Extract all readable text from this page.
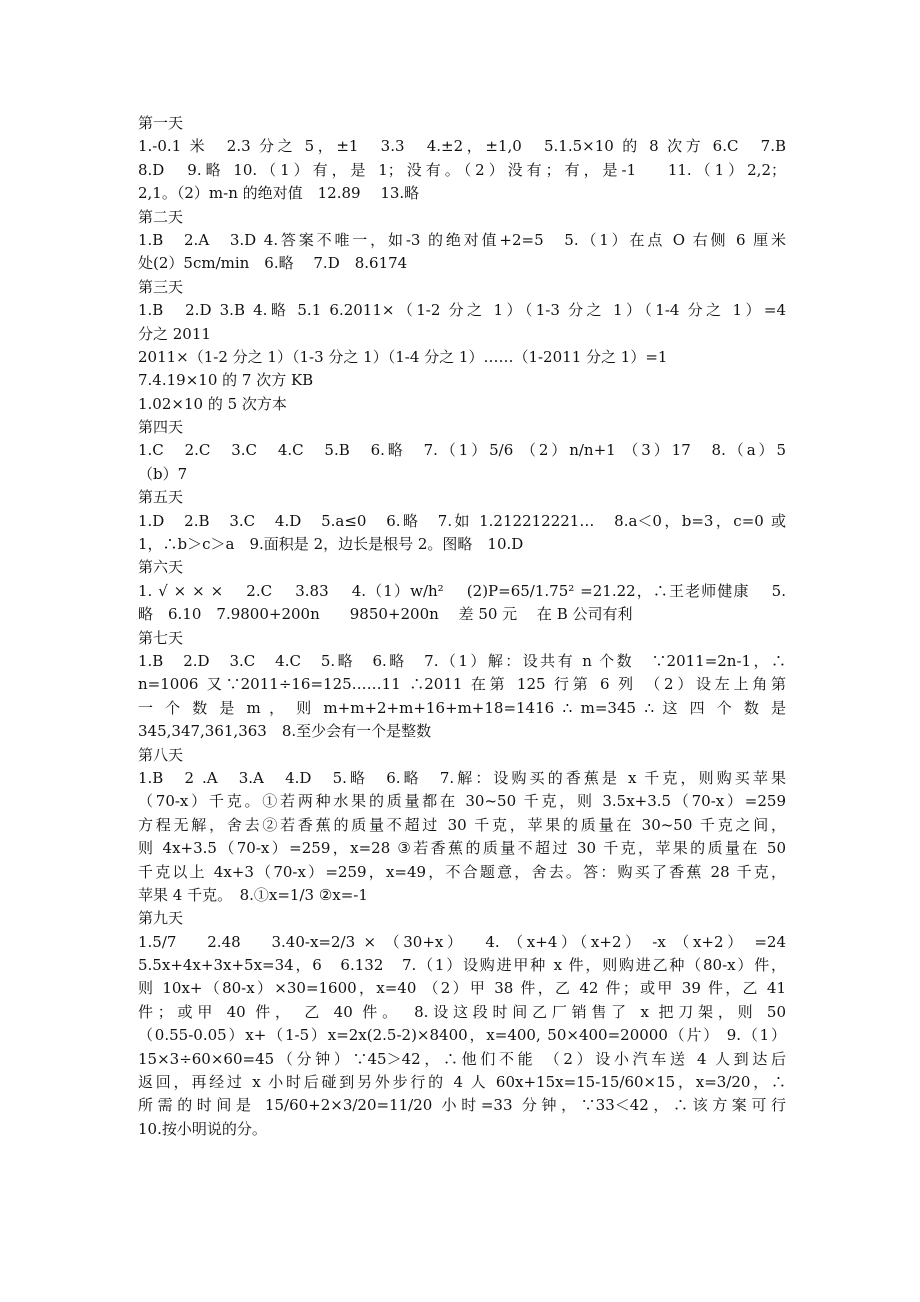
第一天
1.-0.1 米　2.3 分之 5，±1　3.3　4.±2，±1,0　5.1.5×10 的 8 次方 6.C　7.B
8.D　9.略 10.（1）有，是 1；没有。（2）没有；有，是-1　 11.（1）2,2；
2,1。（2）m-n 的绝对值　12.89　 13.略
第二天
1.B　2.A　3.D 4.答案不唯一，如-3 的绝对值+2=5　5.（1）在点 O 右侧 6 厘米
处(2）5cm/min　6.略　 7.D　8.6174
第三天
1.B　2.D 3.B 4.略 5.1 6.2011×（1-2 分之 1）（1-3 分之 1）（1-4 分之 1）=4
分之 2011
2011×（1-2 分之 1）（1-3 分之 1）（1-4 分之 1）……（1-2011 分之 1）=1
7.4.19×10 的 7 次方 KB
1.02×10 的 5 次方本
第四天
1.C　2.C　3.C　4.C　5.B　6.略　7.（1）5/6 （2）n/n+1 （3）17　8.（a）5
（b）7
第五天
1.D　2.B　3.C　4.D　5.a≤0　6.略　7.如 1.212212221…　8.a＜0，b=3，c=0 或
1，∴b＞c＞a　9.面积是 2，边长是根号 2。图略　10.D
第六天
1. √ × × ×　 2.C　 3.83　 4.（1）w/h²　 (2)P=65/1.75² =21.22，∴王老师健康　 5.
略　6.10　7.9800+200n　　9850+200n　 差 50 元　 在 B 公司有利
第七天
1.B　2.D　3.C　4.C　5.略　6.略　7.（1）解：设共有 n 个数　∵2011=2n-1，∴
n=1006 又∵2011÷16=125……11 ∴2011 在第 125 行第 6 列 （2）设左上角第
一 个 数 是 m ， 则 m+m+2+m+16+m+18=1416 ∴ m=345 ∴ 这 四 个 数 是
345,347,361,363　8.至少会有一个是整数
第八天
1.B　2 .A　3.A　4.D　5.略　6.略　7.解：设购买的香蕉是 x 千克，则购买苹果
（70-x）千克。①若两种水果的质量都在 30~50 千克，则 3.5x+3.5（70-x）=259
方程无解，舍去②若香蕉的质量不超过 30 千克，苹果的质量在 30~50 千克之间，
则 4x+3.5（70-x）=259，x=28 ③若香蕉的质量不超过 30 千克，苹果的质量在 50
千克以上 4x+3（70-x）=259，x=49，不合题意，舍去。答：购买了香蕉 28 千克，
苹果 4 千克。　8.①x=1/3 ②x=-1
第九天
1.5/7　 2.48　 3.40-x=2/3 × （30+x）　 4. （x+4）（x+2） -x （x+2） =24
5.5x+4x+3x+5x=34，6　6.132　7.（1）设购进甲种 x 件，则购进乙种（80-x）件，
则 10x+（80-x）×30=1600，x=40 （2）甲 38 件，乙 42 件；或甲 39 件，乙 41
件；或甲 40 件， 乙 40 件。　8.设这段时间乙厂销售了 x 把刀架，则 50
（0.55-0.05）x+（1-5）x=2x(2.5-2)×8400，x=400, 50×400=20000（片） 9.（1）
15×3÷60×60=45（分钟）∵45＞42，∴他们不能 （2）设小汽车送 4 人到达后
返回，再经过 x 小时后碰到另外步行的 4 人 60x+15x=15-15/60×15，x=3/20，∴
所需的时间是 15/60+2×3/20=11/20 小时=33 分钟，∵33＜42，∴该方案可行
10.按小明说的分。
